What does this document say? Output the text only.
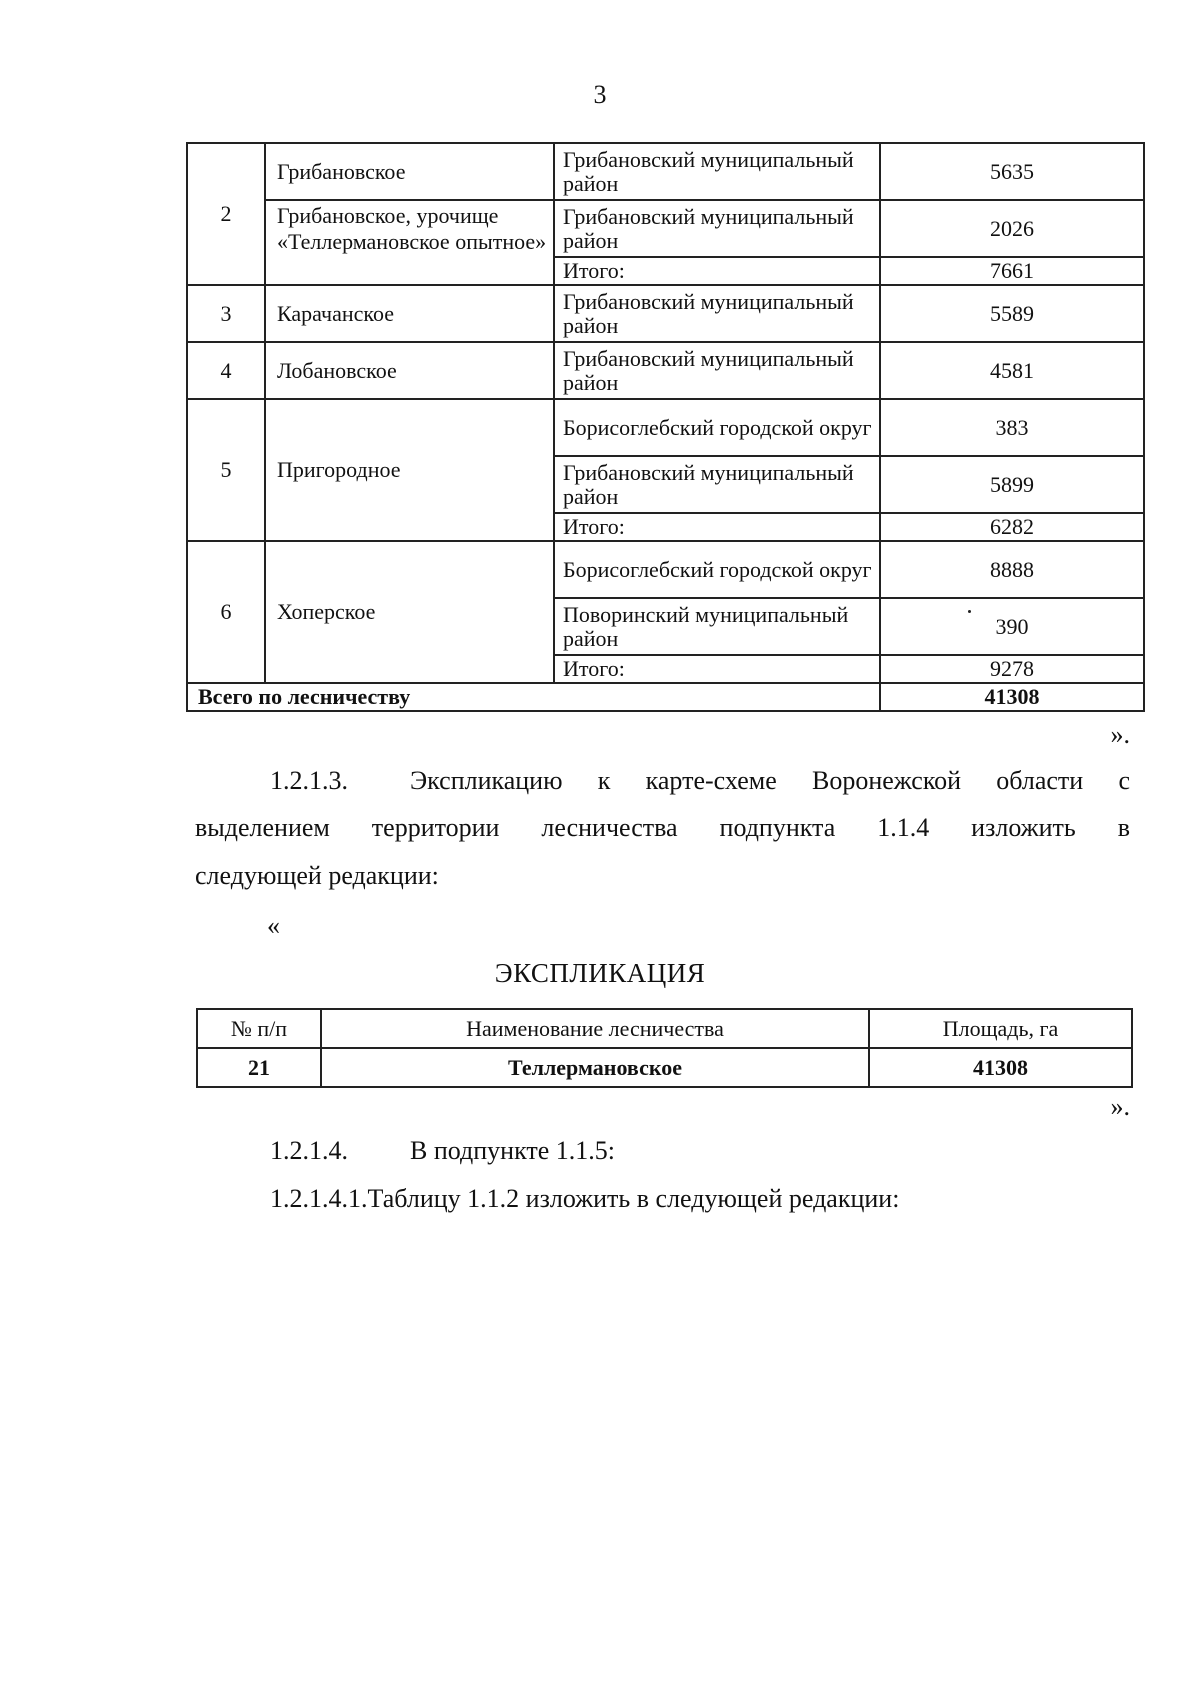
3
2	Грибановское	Грибановский муниципальный район	5635
	Грибановское, урочище «Теллермановское опытное»	Грибановский муниципальный район	2026
		Итого:	7661
3	Карачанское	Грибановский муниципальный район	5589
4	Лобановское	Грибановский муниципальный район	4581
5	Пригородное	Борисоглебский городской округ	383
		Грибановский муниципальный район	5899
		Итого:	6282
6	Хоперское	Борисоглебский городской округ	8888
		Поворинский муниципальный район	390
		Итого:	9278
Всего по лесничеству			41308
».
1.2.1.3. Экспликацию к карте-схеме Воронежской области с
выделением территории лесничества подпункта 1.1.4 изложить в
следующей редакции:
«
ЭКСПЛИКАЦИЯ
№ п/п	Наименование лесничества	Площадь, га
21	Теллермановское	41308
».
1.2.1.4. В подпункте 1.1.5:
1.2.1.4.1.Таблицу 1.1.2 изложить в следующей редакции:
